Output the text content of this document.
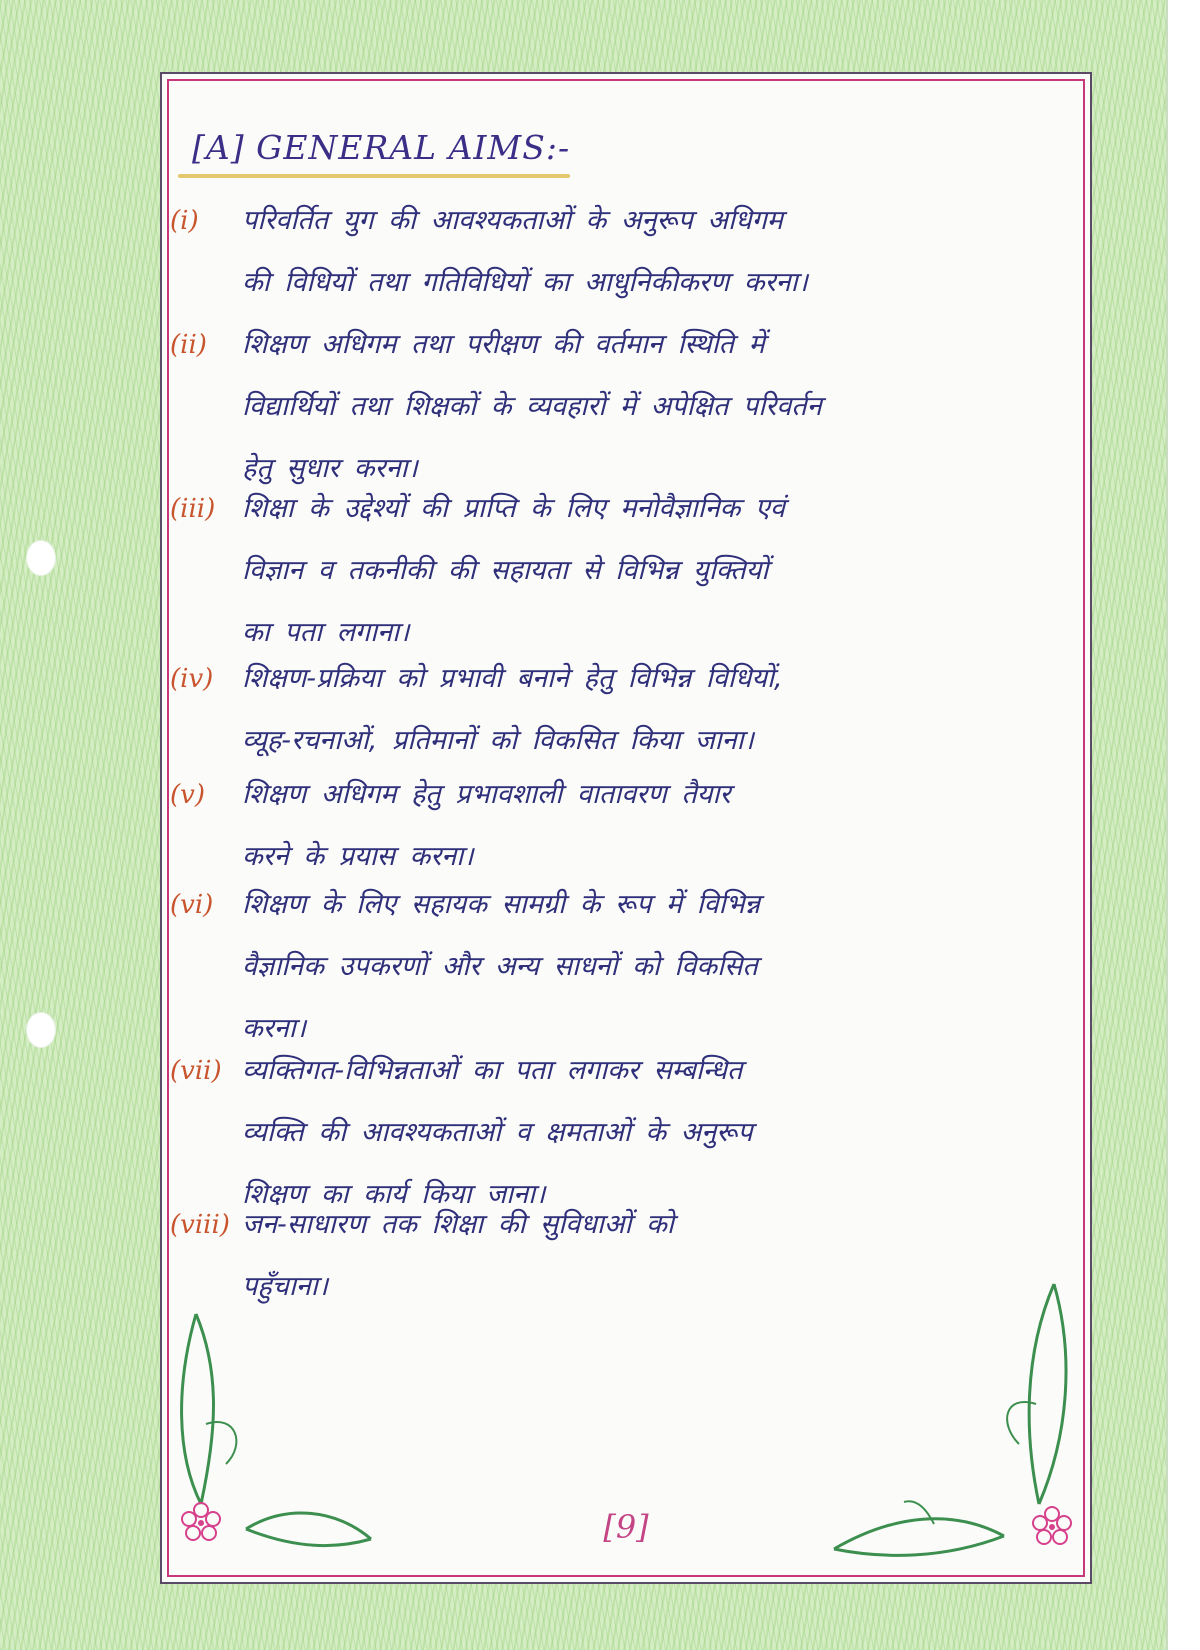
[A] GENERAL AIMS:-
(i) परिवर्तित युग की आवश्यकताओं के अनुरूप अधिगम
की विधियों तथा गतिविधियों का आधुनिकीकरण करना।
(ii) शिक्षण अधिगम तथा परीक्षण की वर्तमान स्थिति में
विद्यार्थियों तथा शिक्षकों के व्यवहारों में अपेक्षित परिवर्तन
हेतु सुधार करना।
(iii) शिक्षा के उद्देश्यों की प्राप्ति के लिए मनोवैज्ञानिक एवं
विज्ञान व तकनीकी की सहायता से विभिन्न युक्तियों
का पता लगाना।
(iv) शिक्षण-प्रक्रिया को प्रभावी बनाने हेतु विभिन्न विधियों,
व्यूह-रचनाओं, प्रतिमानों को विकसित किया जाना।
(v) शिक्षण अधिगम हेतु प्रभावशाली वातावरण तैयार
करने के प्रयास करना।
(vi) शिक्षण के लिए सहायक सामग्री के रूप में विभिन्न
वैज्ञानिक उपकरणों और अन्य साधनों को विकसित
करना।
(vii) व्यक्तिगत-विभिन्नताओं का पता लगाकर सम्बन्धित
व्यक्ति की आवश्यकताओं व क्षमताओं के अनुरूप
शिक्षण का कार्य किया जाना।
(viii) जन-साधारण तक शिक्षा की सुविधाओं को
पहुँचाना।
[9]
